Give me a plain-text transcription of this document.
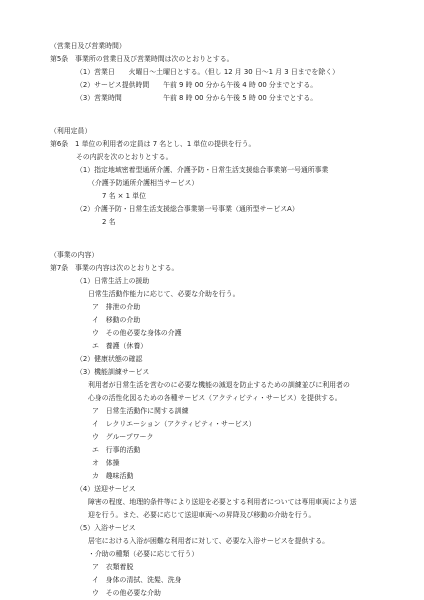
（営業日及び営業時間）
第5条　事業所の営業日及び営業時間は次のとおりとする。
（1）営業日　　火曜日～土曜日とする。（但し 12 月 30 日～1 月 3 日までを除く）
（2）サービス提供時間　　午前 9 時 00 分から午後 4 時 00 分までとする。
（3）営業時間　　　　　　午前 8 時 00 分から午後 5 時 00 分までとする。
（利用定員）
第6条　1 単位の利用者の定員は 7 名とし、1 単位の提供を行う。
その内訳を次のとおりとする。
（1）指定地域密着型通所介護、介護予防・日常生活支援総合事業第一号通所事業
（介護予防通所介護相当サービス）
7 名 × 1 単位
（2）介護予防・日常生活支援総合事業第一号事業（通所型サービスA）
2 名
（事業の内容）
第7条　事業の内容は次のとおりとする。
（1）日常生活上の援助
日常生活動作能力に応じて、必要な介助を行う。
ア　排泄の介助
イ　移動の介助
ウ　その他必要な身体の介護
エ　養護（休養）
（2）健康状態の確認
（3）機能訓練サービス
利用者が日常生活を営むのに必要な機能の減退を防止するための訓練並びに利用者の
心身の活性化図るための各種サービス（アクティビティ・サービス）を提供する。
ア　日常生活動作に関する訓練
イ　レクリエーション（アクティビティ・サービス）
ウ　グループワーク
エ　行事的活動
オ　体操
カ　趣味活動
（4）送迎サービス
障害の程度、地理的条件等により送迎を必要とする利用者については専用車両により送
迎を行う。また、必要に応じて送迎車両への昇降及び移動の介助を行う。
（5）入浴サービス
居宅における入浴が困難な利用者に対して、必要な入浴サービスを提供する。
・介助の種類（必要に応じて行う）
ア　衣類着脱
イ　身体の清拭、洗髪、洗身
ウ　その他必要な介助
